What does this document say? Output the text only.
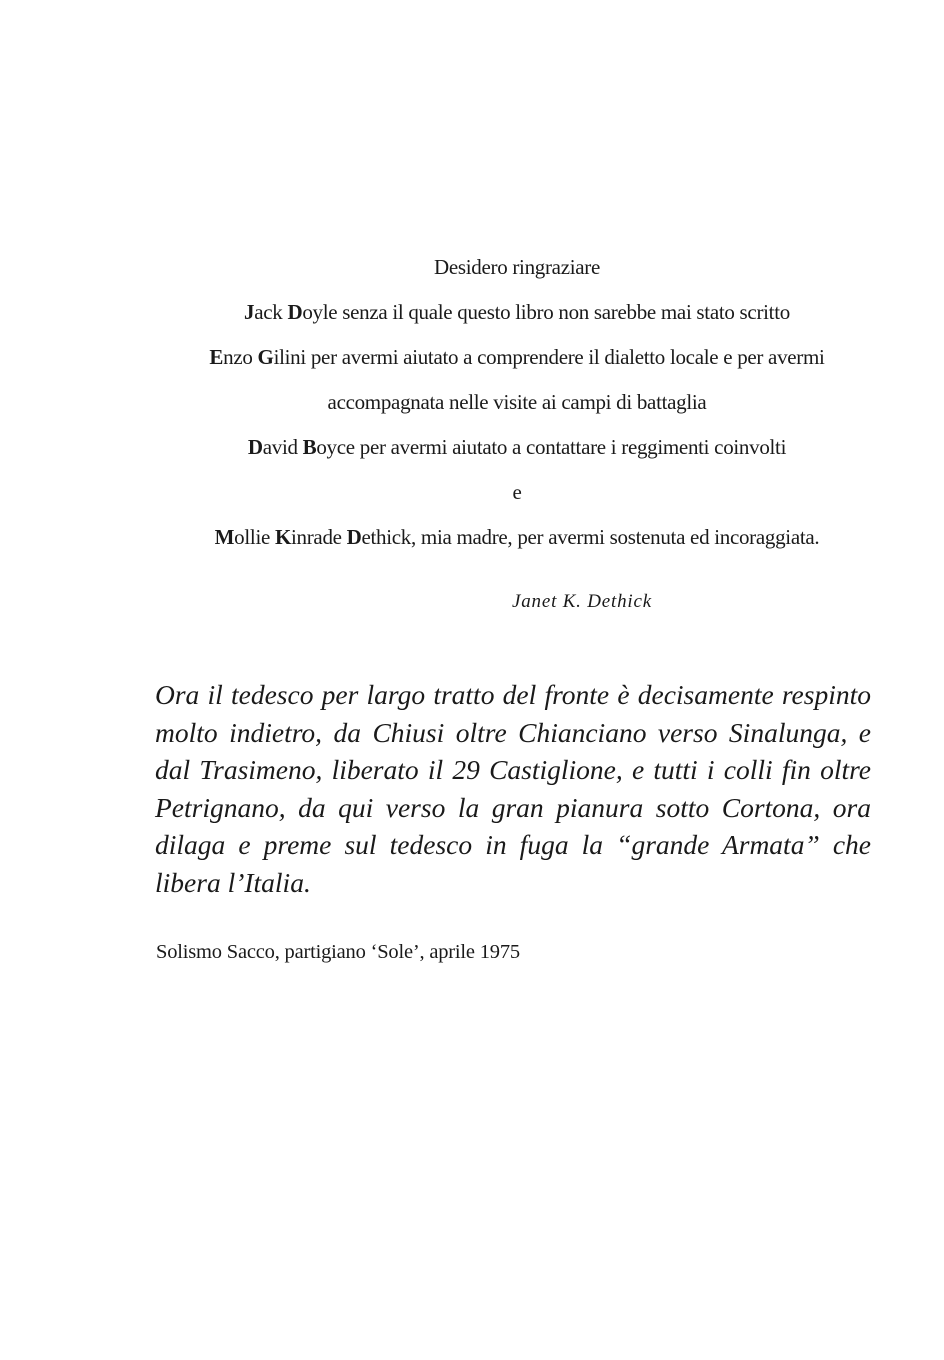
Desidero ringraziare
Jack Doyle senza il quale questo libro non sarebbe mai stato scritto
Enzo Gilini per avermi aiutato a comprendere il dialetto locale e per avermi
accompagnata nelle visite ai campi di battaglia
David Boyce per avermi aiutato a contattare i reggimenti coinvolti
e
Mollie Kinrade Dethick, mia madre, per avermi sostenuta ed incoraggiata.
Janet K. Dethick
Ora il tedesco per largo tratto del fronte è decisamente respinto molto indietro, da Chiusi oltre Chianciano verso Sinalunga, e dal Trasimeno, liberato il 29 Castiglione, e tutti i colli fin oltre Petrignano, da qui verso la gran pianura sotto Cortona, ora dilaga e preme sul tedesco in fuga la “grande Armata” che libera l’Italia.
Solismo Sacco, partigiano ‘Sole’, aprile 1975
